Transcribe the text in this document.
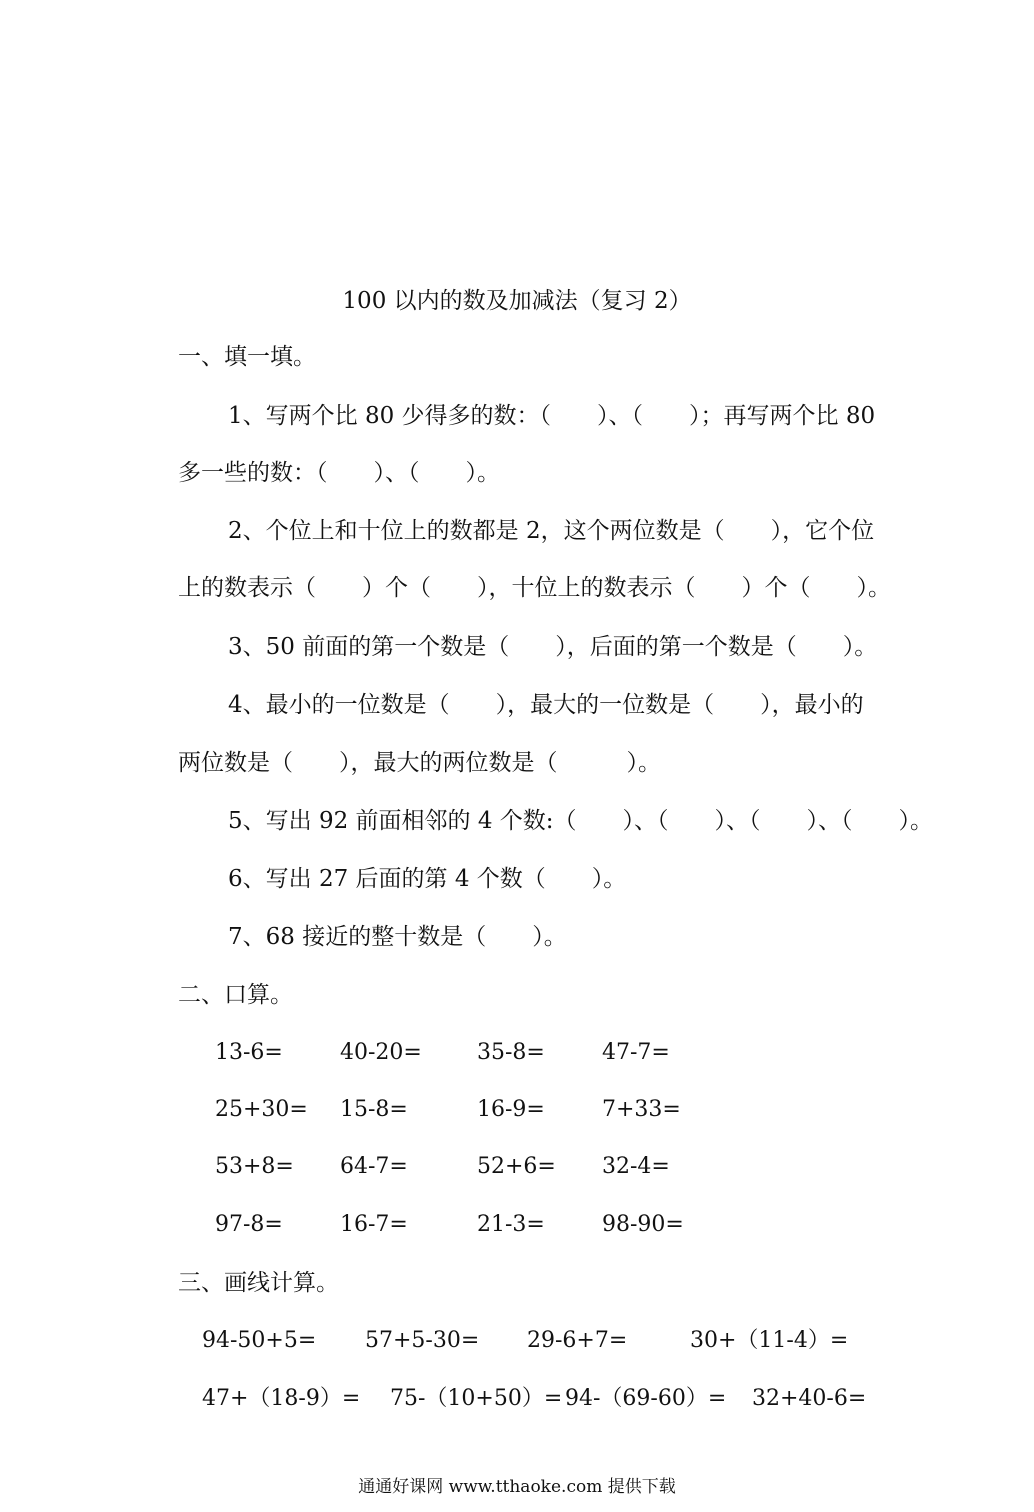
100 以内的数及加减法（复习 2）
一、填一填。
1、写两个比 80 少得多的数：（　　）、（　　）；再写两个比 80
多一些的数：（　　）、（　　）。
2、个位上和十位上的数都是 2，这个两位数是（　　），它个位
上的数表示（　　）个（　　），十位上的数表示（　　）个（　　）。
3、50 前面的第一个数是（　　），后面的第一个数是（　　）。
4、最小的一位数是（　　），最大的一位数是（　　），最小的
两位数是（　　），最大的两位数是（　　　）。
5、写出 92 前面相邻的 4 个数:（　　）、（　　）、（　　）、（　　）。
6、写出 27 后面的第 4 个数（　　）。
7、68 接近的整十数是（　　）。
二、口算。
13-6=	40-20=	35-8=	47-7=
25+30= 15-8=	16-9=	7+33=
53+8= 64-7=	52+6= 32-4=
97-8=	16-7=	21-3=	98-90=
三、画线计算。
94-50+5= 57+5-30= 29-6+7=	30+（11-4）=
47+（18-9）= 75-（10+50）= 94-（69-60）= 32+40-6=
通通好课网 www.tthaoke.com 提供下载
